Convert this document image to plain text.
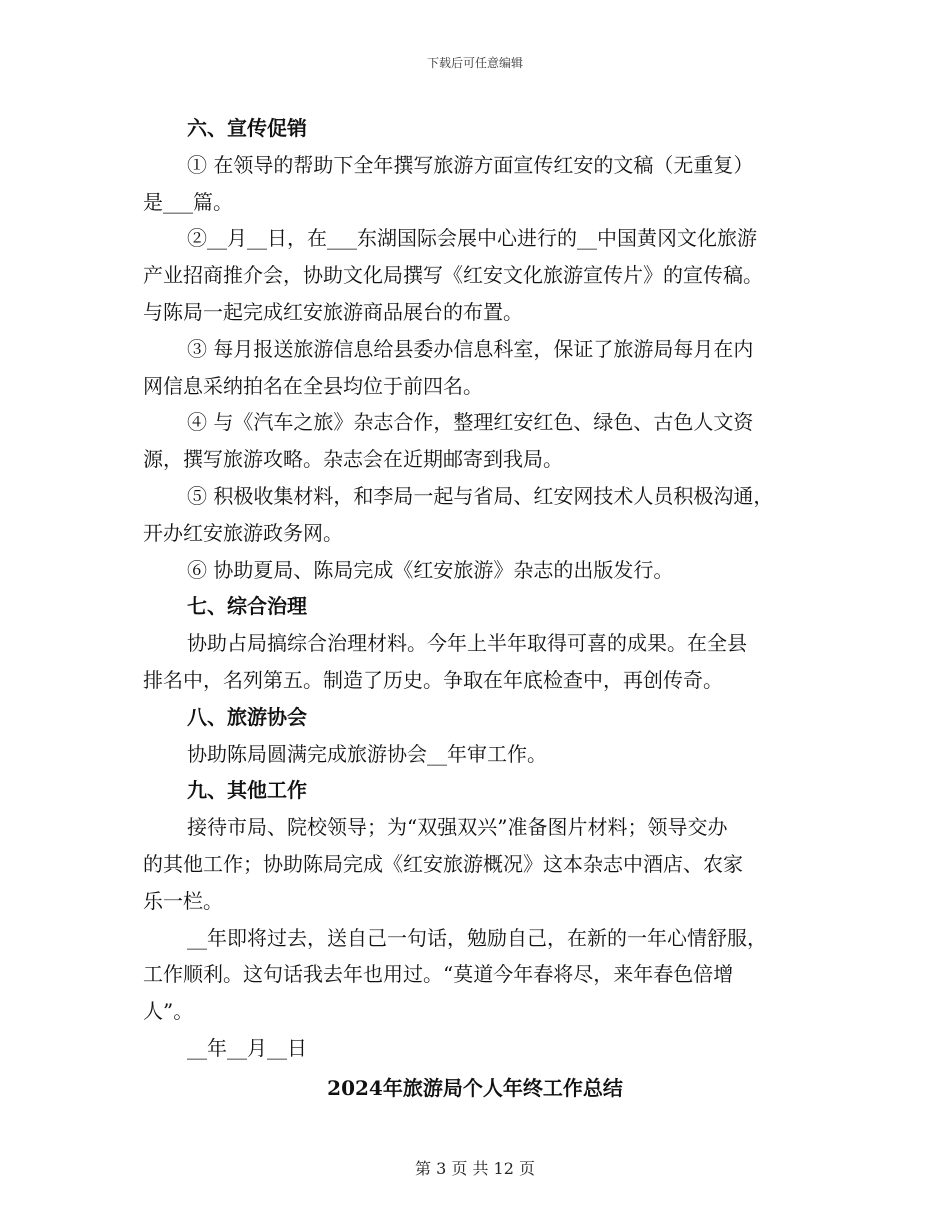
下载后可任意编辑
六、宣传促销
① 在领导的帮助下全年撰写旅游方面宣传红安的文稿（无重复）
是___篇。
②__月__日，在___东湖国际会展中心进行的__中国黄冈文化旅游
产业招商推介会，协助文化局撰写《红安文化旅游宣传片》的宣传稿。
与陈局一起完成红安旅游商品展台的布置。
③ 每月报送旅游信息给县委办信息科室，保证了旅游局每月在内
网信息采纳拍名在全县均位于前四名。
④ 与《汽车之旅》杂志合作，整理红安红色、绿色、古色人文资
源，撰写旅游攻略。杂志会在近期邮寄到我局。
⑤ 积极收集材料，和李局一起与省局、红安网技术人员积极沟通，
开办红安旅游政务网。
⑥ 协助夏局、陈局完成《红安旅游》杂志的出版发行。
七、综合治理
协助占局搞综合治理材料。今年上半年取得可喜的成果。在全县
排名中，名列第五。制造了历史。争取在年底检查中，再创传奇。
八、旅游协会
协助陈局圆满完成旅游协会__年审工作。
九、其他工作
接待市局、院校领导；为“双强双兴”准备图片材料；领导交办
的其他工作；协助陈局完成《红安旅游概况》这本杂志中酒店、农家
乐一栏。
__年即将过去，送自己一句话，勉励自己，在新的一年心情舒服，
工作顺利。这句话我去年也用过。“莫道今年春将尽，来年春色倍增
人”。
__年__月__日
2024年旅游局个人年终工作总结
第 3 页 共 12 页
